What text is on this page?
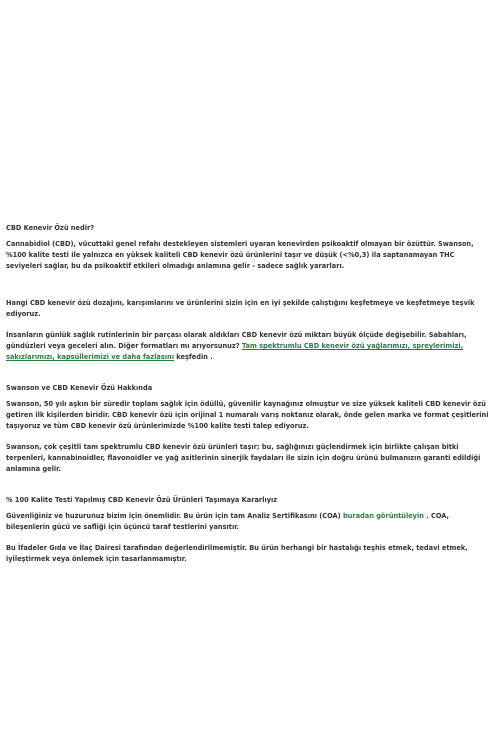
CBD Kenevir Özü nedir?

Cannabidiol (CBD), vücuttaki genel refahı destekleyen sistemleri uyaran kenevirden psikoaktif olmayan bir özüttür. Swanson, %100 kalite testi ile yalnızca en yüksek kaliteli CBD kenevir özü ürünlerini taşır ve düşük (<%0,3) ila saptanamayan THC seviyeleri sağlar, bu da psikoaktif etkileri olmadığı anlamına gelir - sadece sağlık yararları.

Hangi CBD kenevir özü dozajını, karışımlarını ve ürünlerini sizin için en iyi şekilde çalıştığını keşfetmeye ve keşfetmeye teşvik ediyoruz.

İnsanların günlük sağlık rutinlerinin bir parçası olarak aldıkları CBD kenevir özü miktarı büyük ölçüde değişebilir. Sabahları, gündüzleri veya geceleri alın. Diğer formatları mı arıyorsunuz? Tam spektrumlu CBD kenevir özü yağlarımızı, spreylerimizi, sakızlarımızı, kapsüllerimizi ve daha fazlasını keşfedin .

Swanson ve CBD Kenevir Özü Hakkında

Swanson, 50 yılı aşkın bir süredir toplam sağlık için ödüllü, güvenilir kaynağınız olmuştur ve size yüksek kaliteli CBD kenevir özü getiren ilk kişilerden biridir. CBD kenevir özü için orijinal 1 numaralı varış noktanız olarak, önde gelen marka ve format çeşitlerini taşıyoruz ve tüm CBD kenevir özü ürünlerimizde %100 kalite testi talep ediyoruz.

Swanson, çok çeşitli tam spektrumlu CBD kenevir özü ürünleri taşır; bu, sağlığınızı güçlendirmek için birlikte çalışan bitki terpenleri, kannabinoidler, flavonoidler ve yağ asitlerinin sinerjik faydaları ile sizin için doğru ürünü bulmanızın garanti edildiği anlamına gelir.

% 100 Kalite Testi Yapılmış CBD Kenevir Özü Ürünleri Taşımaya Kararlıyız

Güvenliğiniz ve huzurunuz bizim için önemlidir. Bu ürün için tam Analiz Sertifikasını (COA) buradan görüntüleyin . COA, bileşenlerin gücü ve safliği için üçüncü taraf testlerini yansıtır.

Bu İfadeler Gıda ve İlaç Dairesi tarafından değerlendirilmemiştir. Bu ürün herhangi bir hastalığı teşhis etmek, tedavi etmek, iyileştirmek veya önlemek için tasarlanmamıştır.
